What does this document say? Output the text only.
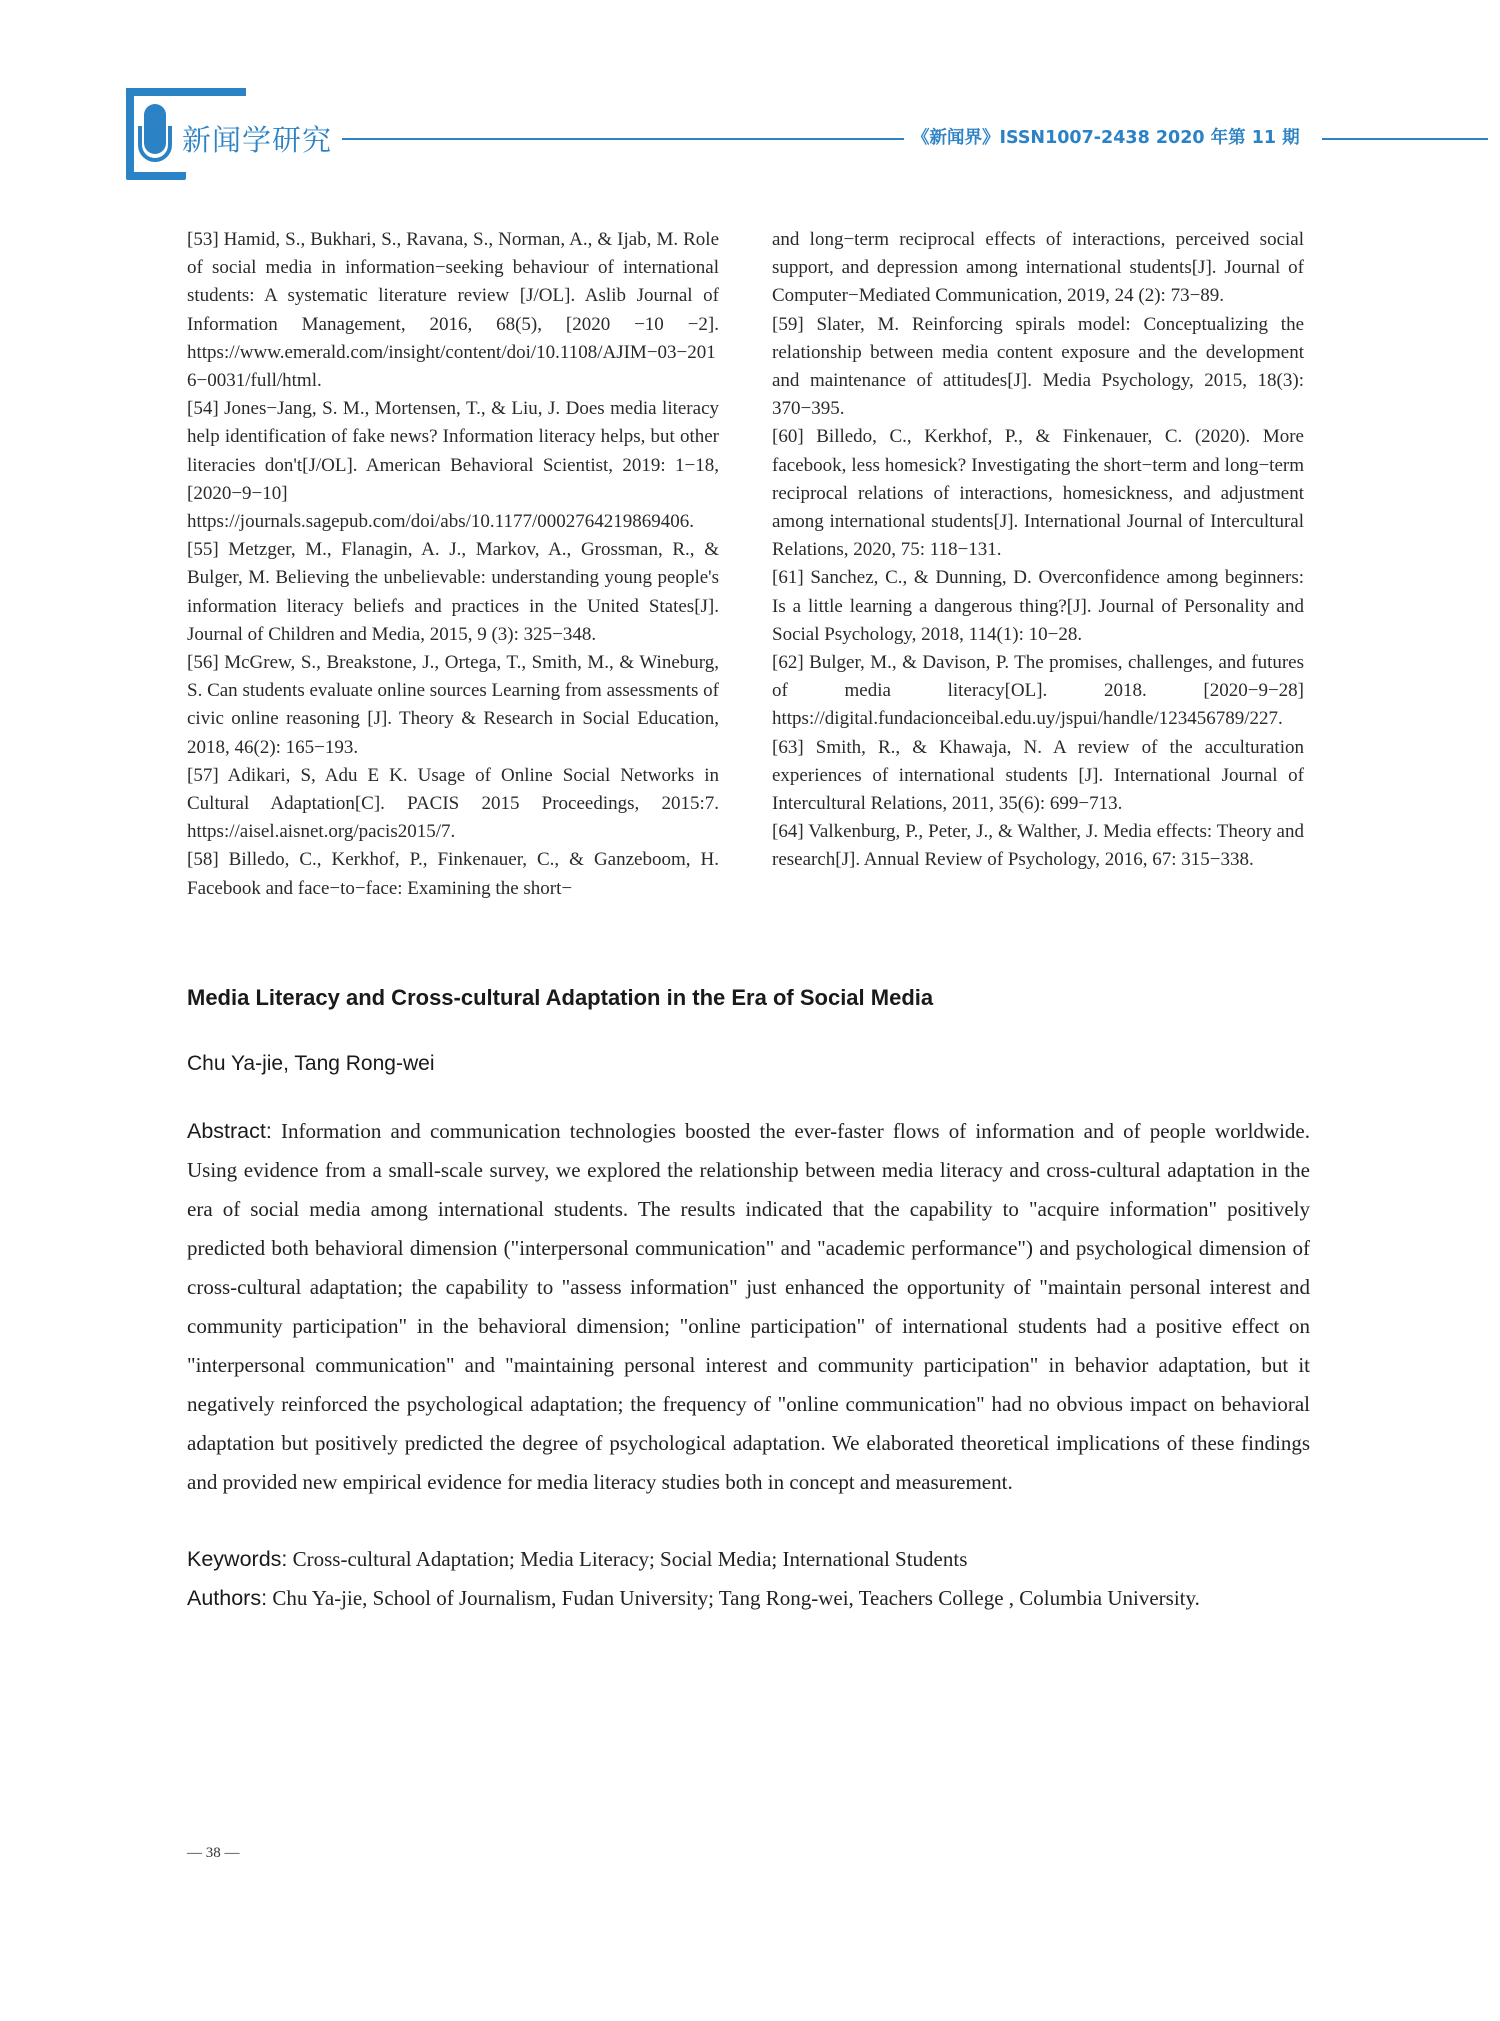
新闻学研究	《新闻界》ISSN1007-2438 2020 年第 11 期

[53] Hamid, S., Bukhari, S., Ravana, S., Norman, A., & Ijab, M. Role of social media in information−seeking behaviour of international students: A systematic literature review [J/OL]. Aslib Journal of Information Management, 2016, 68(5), [2020 −10 −2]. https://www.emerald.com/insight/content/doi/10.1108/AJIM−03−2016−0031/full/html.

[54] Jones−Jang, S. M., Mortensen, T., & Liu, J. Does media literacy help identification of fake news? Information literacy helps, but other literacies don't[J/OL]. American Behavioral Scientist, 2019: 1−18, [2020−9−10] https://journals.sagepub.com/doi/abs/10.1177/0002764219869406.

[55] Metzger, M., Flanagin, A. J., Markov, A., Grossman, R., & Bulger, M. Believing the unbelievable: understanding young people's information literacy beliefs and practices in the United States[J]. Journal of Children and Media, 2015, 9 (3): 325−348.

[56] McGrew, S., Breakstone, J., Ortega, T., Smith, M., & Wineburg, S. Can students evaluate online sources Learning from assessments of civic online reasoning [J]. Theory & Research in Social Education, 2018, 46(2): 165−193.

[57] Adikari, S, Adu E K. Usage of Online Social Networks in Cultural Adaptation[C]. PACIS 2015 Proceedings, 2015:7. https://aisel.aisnet.org/pacis2015/7.

[58] Billedo, C., Kerkhof, P., Finkenauer, C., & Ganzeboom, H. Facebook and face−to−face: Examining the short−

and long−term reciprocal effects of interactions, perceived social support, and depression among international students[J]. Journal of Computer−Mediated Communication, 2019, 24 (2): 73−89.

[59] Slater, M. Reinforcing spirals model: Conceptualizing the relationship between media content exposure and the development and maintenance of attitudes[J]. Media Psychology, 2015, 18(3): 370−395.

[60] Billedo, C., Kerkhof, P., & Finkenauer, C. (2020). More facebook, less homesick? Investigating the short−term and long−term reciprocal relations of interactions, homesickness, and adjustment among international students[J]. International Journal of Intercultural Relations, 2020, 75: 118−131.

[61] Sanchez, C., & Dunning, D. Overconfidence among beginners: Is a little learning a dangerous thing?[J]. Journal of Personality and Social Psychology, 2018, 114(1): 10−28.

[62] Bulger, M., & Davison, P. The promises, challenges, and futures of media literacy[OL]. 2018. [2020−9−28] https://digital.fundacionceibal.edu.uy/jspui/handle/123456789/227.

[63] Smith, R., & Khawaja, N. A review of the acculturation experiences of international students [J]. International Journal of Intercultural Relations, 2011, 35(6): 699−713.

[64] Valkenburg, P., Peter, J., & Walther, J. Media effects: Theory and research[J]. Annual Review of Psychology, 2016, 67: 315−338.

Media Literacy and Cross-cultural Adaptation in the Era of Social Media
Chu Ya-jie, Tang Rong-wei

Abstract: Information and communication technologies boosted the ever-faster flows of information and of people worldwide. Using evidence from a small-scale survey, we explored the relationship between media literacy and cross-cultural adaptation in the era of social media among international students. The results indicated that the capability to "acquire information" positively predicted both behavioral dimension ("interpersonal communication" and "academic performance") and psychological dimension of cross-cultural adaptation; the capability to "assess information" just enhanced the opportunity of "maintain personal interest and community participation" in the behavioral dimension; "online participation" of international students had a positive effect on "interpersonal communication" and "maintaining personal interest and community participation" in behavior adaptation, but it negatively reinforced the psychological adaptation; the frequency of "online communication" had no obvious impact on behavioral adaptation but positively predicted the degree of psychological adaptation. We elaborated theoretical implications of these findings and provided new empirical evidence for media literacy studies both in concept and measurement.

Keywords: Cross-cultural Adaptation; Media Literacy; Social Media; International Students

Authors: Chu Ya-jie, School of Journalism, Fudan University; Tang Rong-wei, Teachers College , Columbia University.

— 38 —
